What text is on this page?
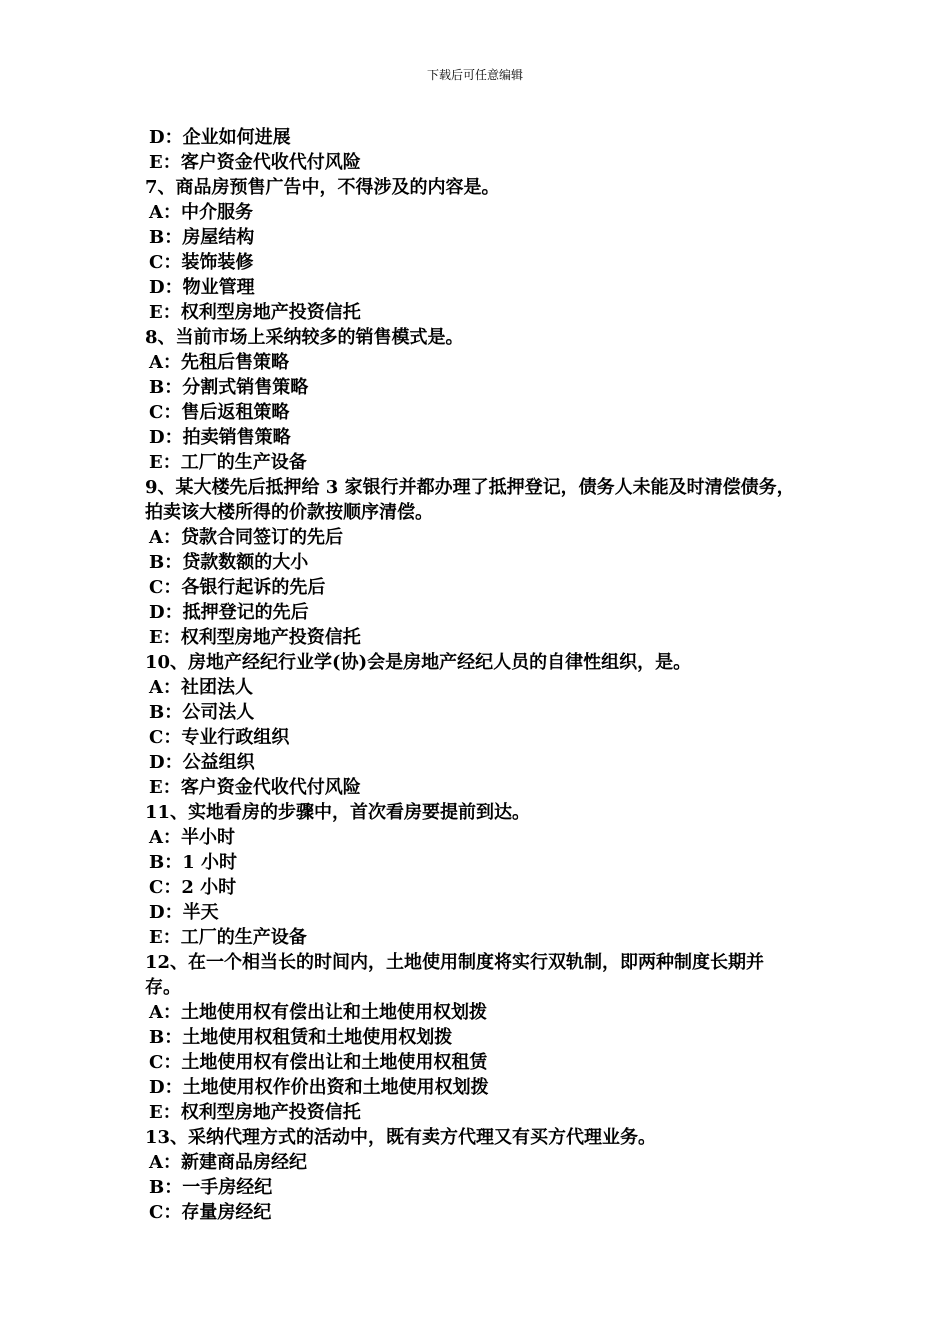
下载后可任意编辑
D：企业如何进展
E：客户资金代收代付风险
7、商品房预售广告中，不得涉及的内容是。
A：中介服务
B：房屋结构
C：装饰装修
D：物业管理
E：权利型房地产投资信托
8、当前市场上采纳较多的销售模式是。
A：先租后售策略
B：分割式销售策略
C：售后返租策略
D：拍卖销售策略
E：工厂的生产设备
9、某大楼先后抵押给 3 家银行并都办理了抵押登记，债务人未能及时清偿债务，
拍卖该大楼所得的价款按顺序清偿。
A：贷款合同签订的先后
B：贷款数额的大小
C：各银行起诉的先后
D：抵押登记的先后
E：权利型房地产投资信托
10、房地产经纪行业学(协)会是房地产经纪人员的自律性组织，是。
A：社团法人
B：公司法人
C：专业行政组织
D：公益组织
E：客户资金代收代付风险
11、实地看房的步骤中，首次看房要提前到达。
A：半小时
B：1 小时
C：2 小时
D：半天
E：工厂的生产设备
12、在一个相当长的时间内，土地使用制度将实行双轨制，即两种制度长期并
存。
A：土地使用权有偿出让和土地使用权划拨
B：土地使用权租赁和土地使用权划拨
C：土地使用权有偿出让和土地使用权租赁
D：土地使用权作价出资和土地使用权划拨
E：权利型房地产投资信托
13、采纳代理方式的活动中，既有卖方代理又有买方代理业务。
A：新建商品房经纪
B：一手房经纪
C：存量房经纪
